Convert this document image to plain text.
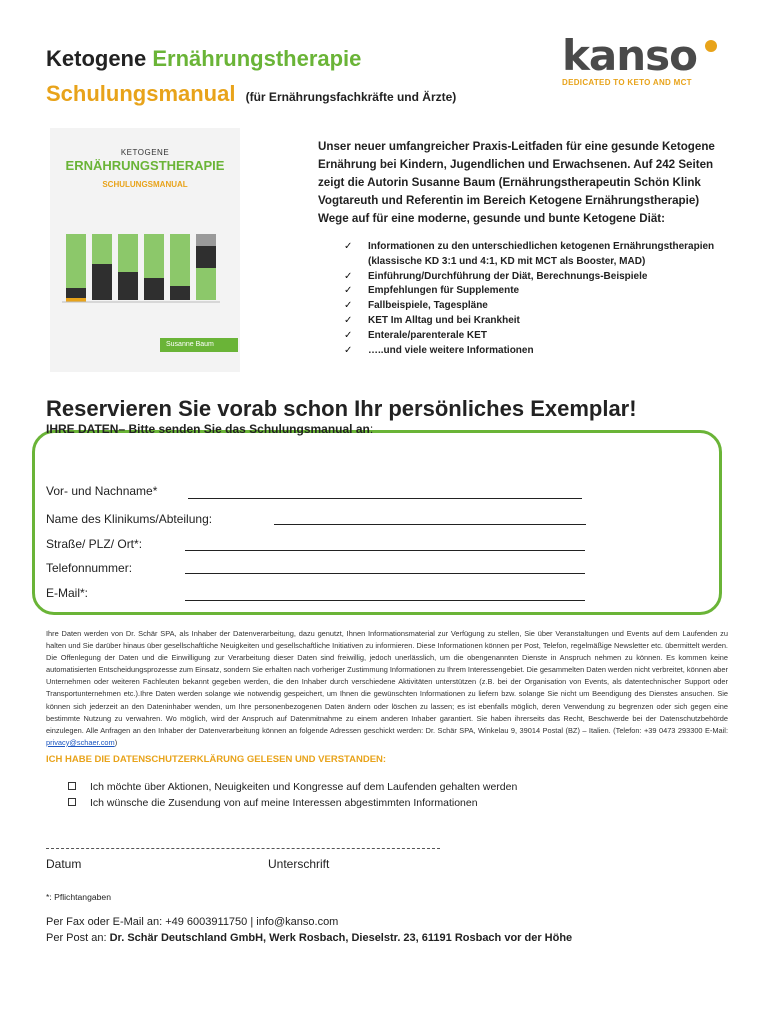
Ketogene Ernährungstherapie
Schulungsmanual (für Ernährungsfachkräfte und Ärzte)
kanso
DEDICATED TO KETO AND MCT
KETOGENE
ERNÄHRUNGSTHERAPIE
SCHULUNGSMANUAL
Susanne Baum
Unser neuer umfangreicher Praxis-Leitfaden für eine gesunde Ketogene Ernährung bei Kindern, Jugendlichen und Erwachsenen. Auf 242 Seiten zeigt die Autorin Susanne Baum (Ernährungstherapeutin Schön Klink Vogtareuth und Referentin im Bereich Ketogene Ernährungstherapie) Wege auf für eine moderne, gesunde und bunte Ketogene Diät:
✓ Informationen zu den unterschiedlichen ketogenen Ernährungstherapien (klassische KD 3:1 und 4:1, KD mit MCT als Booster, MAD)
✓ Einführung/Durchführung der Diät, Berechnungs-Beispiele
✓ Empfehlungen für Supplemente
✓ Fallbeispiele, Tagespläne
✓ KET Im Alltag und bei Krankheit
✓ Enterale/parenterale KET
✓ …..und viele weitere Informationen
Reservieren Sie vorab schon Ihr persönliches Exemplar!
IHRE DATEN– Bitte senden Sie das Schulungsmanual an:
Vor- und Nachname*
Name des Klinikums/Abteilung:
Straße/ PLZ/ Ort*:
Telefonnummer:
E-Mail*:
Ihre Daten werden von Dr. Schär SPA, als Inhaber der Datenverarbeitung, dazu genutzt, Ihnen Informationsmaterial zur Verfügung zu stellen, Sie über Veranstaltungen und Events auf dem Laufenden zu halten und Sie darüber hinaus über gesellschaftliche Neuigkeiten und gesellschaftliche Initiativen zu informieren. Diese Informationen können per Post, Telefon, regelmäßige Newsletter etc. übermittelt werden. Die Offenlegung der Daten und die Einwilligung zur Verarbeitung dieser Daten sind freiwillig, jedoch unerlässlich, um die obengenannten Dienste in Anspruch nehmen zu können. Es kommen keine automatisierten Entscheidungsprozesse zum Einsatz, sondern Sie erhalten nach vorheriger Zustimmung Informationen zu Ihrem Interessengebiet. Die gesammelten Daten werden nicht verbreitet, können aber Unternehmen oder weiteren Fachleuten bekannt gegeben werden, die den Inhaber durch verschiedene Aktivitäten unterstützen (z.B. bei der Organisation von Events, als datentechnischer Support oder Transportunternehmen etc.).Ihre Daten werden solange wie notwendig gespeichert, um Ihnen die gewünschten Informationen zu liefern bzw. solange Sie nicht um Beendigung des Dienstes ansuchen. Sie können sich jederzeit an den Dateninhaber wenden, um Ihre personenbezogenen Daten ändern oder löschen zu lassen; es ist ebenfalls möglich, deren Verwendung zu begrenzen oder sich gegen eine bestimmte Nutzung zu verwahren. Wo möglich, wird der Anspruch auf Datenmitnahme zu einem anderen Inhaber garantiert. Sie haben ihrerseits das Recht, Beschwerde bei der Datenschutzbehörde einzulegen. Alle Anfragen an den Inhaber der Datenverarbeitung können an folgende Adressen geschickt werden: Dr. Schär SPA, Winkelau 9, 39014 Postal (BZ) – Italien. (Telefon: +39 0473 293300 E-Mail: privacy@schaer.com)
ICH HABE DIE DATENSCHUTZERKLÄRUNG GELESEN UND VERSTANDEN:
Ich möchte über Aktionen, Neuigkeiten und Kongresse auf dem Laufenden gehalten werden
Ich wünsche die Zusendung von auf meine Interessen abgestimmten Informationen
Datum	Unterschrift
*: Pflichtangaben
Per Fax oder E-Mail an: +49 6003911750 | info@kanso.com
Per Post an: Dr. Schär Deutschland GmbH, Werk Rosbach, Dieselstr. 23, 61191 Rosbach vor der Höhe
